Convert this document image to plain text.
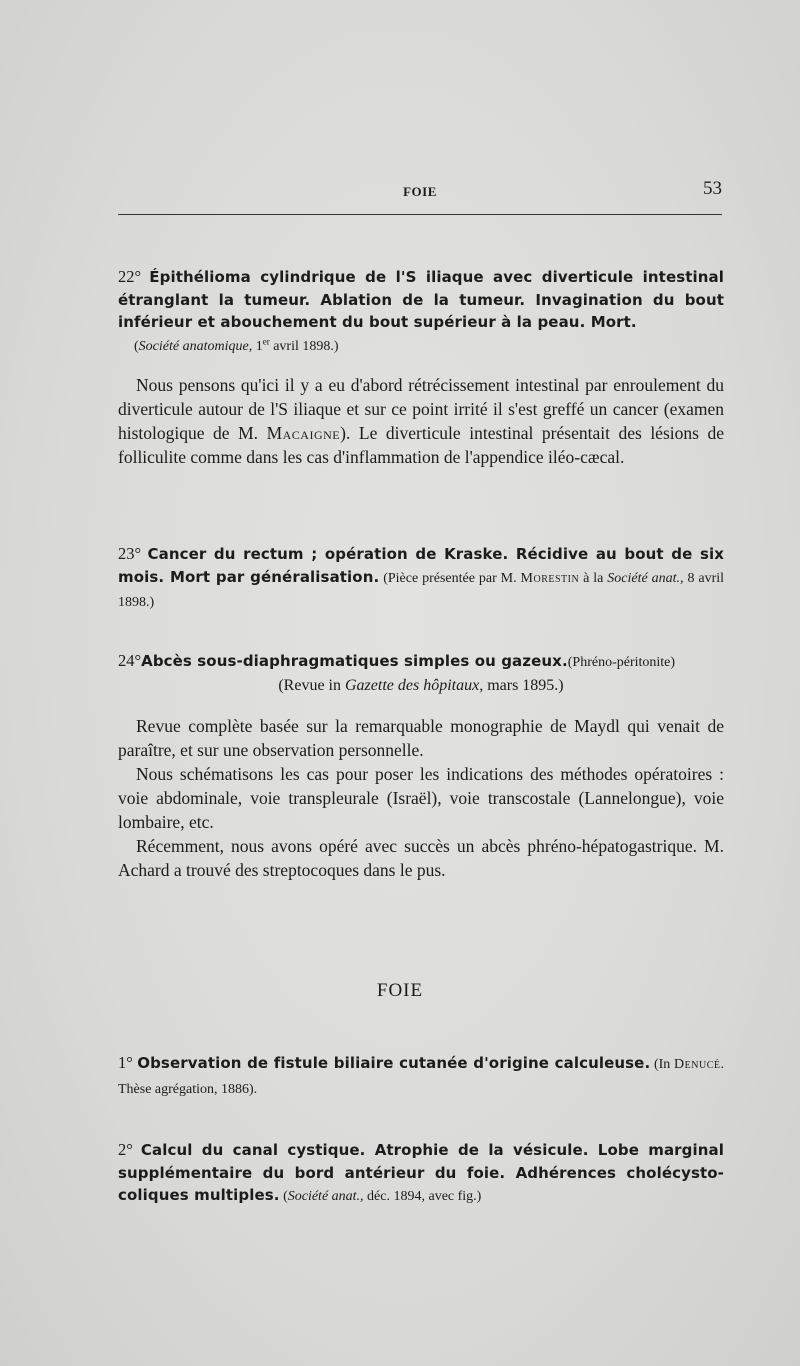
FOIE	53
22° Épithélioma cylindrique de l'S iliaque avec diverticule intestinal étranglant la tumeur. Ablation de la tumeur. Invagination du bout inférieur et abouchement du bout supérieur à la peau. Mort.
(Société anatomique, 1er avril 1898.)

Nous pensons qu'ici il y a eu d'abord rétrécissement intestinal par enroulement du diverticule autour de l'S iliaque et sur ce point irrité il s'est greffé un cancer (examen histologique de M. Macaigne). Le diverticule intestinal présentait des lésions de folliculite comme dans les cas d'inflammation de l'appendice iléo-cæcal.

23° Cancer du rectum ; opération de Kraske. Récidive au bout de six mois. Mort par généralisation. (Pièce présentée par M. Morestin à la Société anat., 8 avril 1898.)
24°Abcès sous-diaphragmatiques simples ou gazeux.(Phréno-péritonite)
(Revue in Gazette des hôpitaux, mars 1895.)

Revue complète basée sur la remarquable monographie de Maydl qui venait de paraître, et sur une observation personnelle.

Nous schématisons les cas pour poser les indications des méthodes opératoires : voie abdominale, voie transpleurale (Israël), voie transcostale (Lannelongue), voie lombaire, etc.

Récemment, nous avons opéré avec succès un abcès phréno-hépatogastrique. M. Achard a trouvé des streptocoques dans le pus.

FOIE
1° Observation de fistule biliaire cutanée d'origine calculeuse. (In Denucé. Thèse agrégation, 1886).
2° Calcul du canal cystique. Atrophie de la vésicule. Lobe marginal supplémentaire du bord antérieur du foie. Adhérences cholécysto-coliques multiples. (Société anat., déc. 1894, avec fig.)
